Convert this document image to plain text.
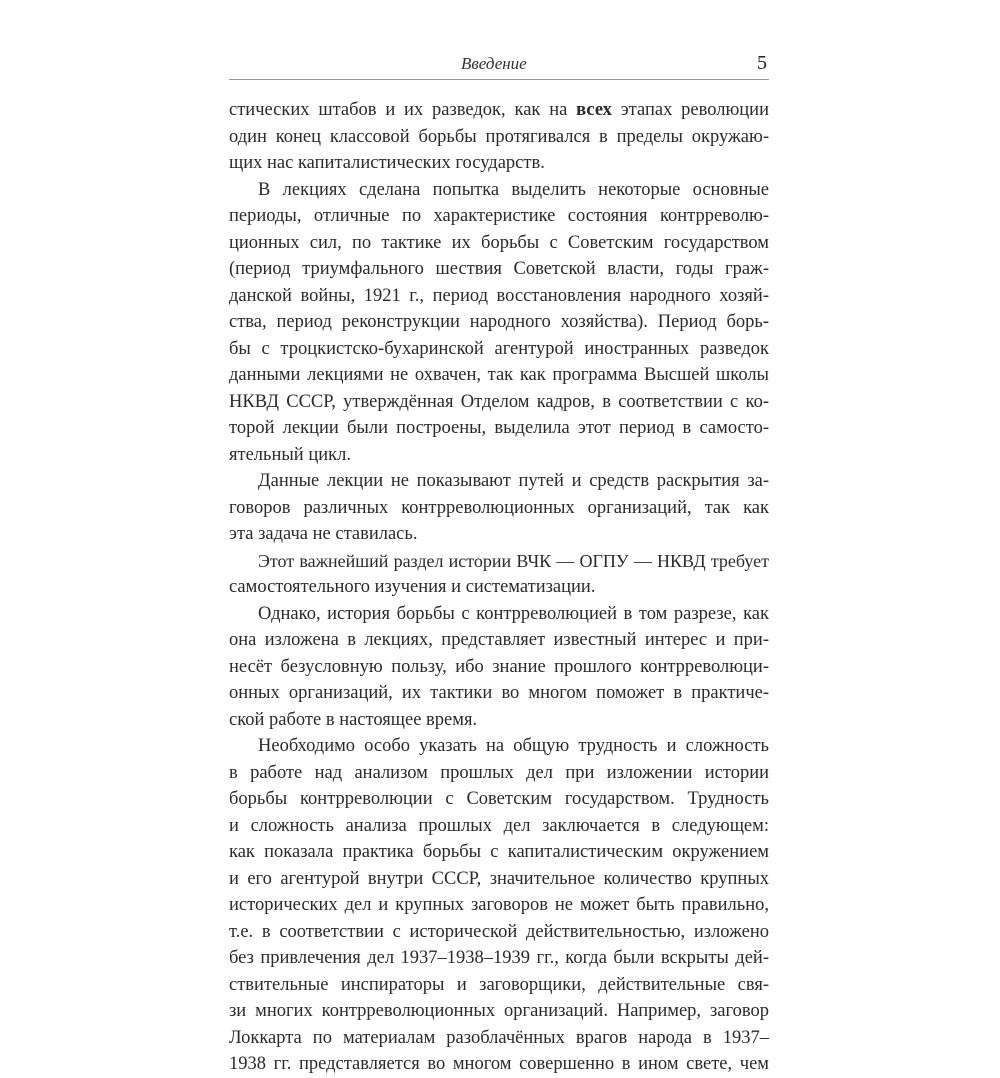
Введение	5
стических штабов и их разведок, как на всех этапах революции
один конец классовой борьбы протягивался в пределы окружаю-
щих нас капиталистических государств.
В лекциях сделана попытка выделить некоторые основные
периоды, отличные по характеристике состояния контрреволю-
ционных сил, по тактике их борьбы с Советским государством
(период триумфального шествия Советской власти, годы граж-
данской войны, 1921 г., период восстановления народного хозяй-
ства, период реконструкции народного хозяйства). Период борь-
бы с троцкистско-бухаринской агентурой иностранных разведок
данными лекциями не охвачен, так как программа Высшей школы
НКВД СССР, утверждённая Отделом кадров, в соответствии с ко-
торой лекции были построены, выделила этот период в самосто-
ятельный цикл.
Данные лекции не показывают путей и средств раскрытия за-
говоров различных контрреволюционных организаций, так как
эта задача не ставилась.
Этот важнейший раздел истории ВЧК — ОГПУ — НКВД требует
самостоятельного изучения и систематизации.
Однако, история борьбы с контрреволюцией в том разрезе, как
она изложена в лекциях, представляет известный интерес и при-
несёт безусловную пользу, ибо знание прошлого контрреволюци-
онных организаций, их тактики во многом поможет в практиче-
ской работе в настоящее время.
Необходимо особо указать на общую трудность и сложность
в работе над анализом прошлых дел при изложении истории
борьбы контрреволюции с Советским государством. Трудность
и сложность анализа прошлых дел заключается в следующем:
как показала практика борьбы с капиталистическим окружением
и его агентурой внутри СССР, значительное количество крупных
исторических дел и крупных заговоров не может быть правильно,
т.е. в соответствии с исторической действительностью, изложено
без привлечения дел 1937–1938–1939 гг., когда были вскрыты дей-
ствительные инспираторы и заговорщики, действительные свя-
зи многих контрреволюционных организаций. Например, заговор
Локкарта по материалам разоблачённых врагов народа в 1937–
1938 гг. представляется во многом совершенно в ином свете, чем
